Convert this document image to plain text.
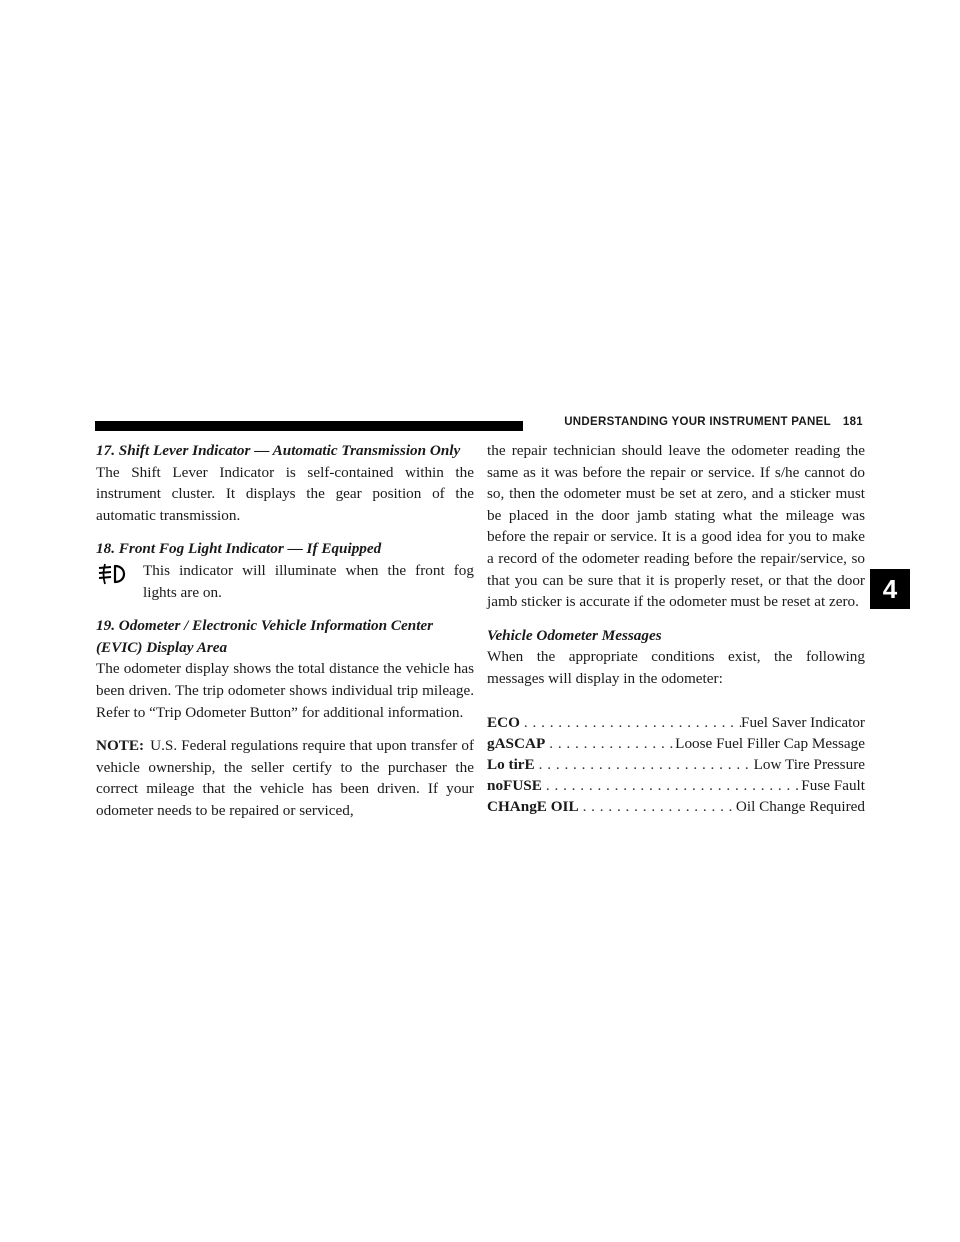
UNDERSTANDING YOUR INSTRUMENT PANEL 181
17. Shift Lever Indicator — Automatic Transmission Only

The Shift Lever Indicator is self-contained within the instrument cluster. It displays the gear position of the automatic transmission.

18. Front Fog Light Indicator — If Equipped

This indicator will illuminate when the front fog lights are on.

19. Odometer / Electronic Vehicle Information Center (EVIC) Display Area

The odometer display shows the total distance the vehicle has been driven. The trip odometer shows individual trip mileage. Refer to “Trip Odometer Button” for additional information.

NOTE: U.S. Federal regulations require that upon transfer of vehicle ownership, the seller certify to the purchaser the correct mileage that the vehicle has been driven. If your odometer needs to be repaired or serviced,

the repair technician should leave the odometer reading the same as it was before the repair or service. If s/he cannot do so, then the odometer must be set at zero, and a sticker must be placed in the door jamb stating what the mileage was before the repair or service. It is a good idea for you to make a record of the odometer reading before the repair/service, so that you can be sure that it is properly reset, or that the door jamb sticker is accurate if the odometer must be reset at zero.

Vehicle Odometer Messages

When the appropriate conditions exist, the following messages will display in the odometer:

ECO . . .	Fuel Saver Indicator
gASCAP . . .	Loose Fuel Filler Cap Message
Lo tirE . . .	Low Tire Pressure
noFUSE . . .	Fuse Fault
CHAngE OIL . . .	Oil Change Required
4
